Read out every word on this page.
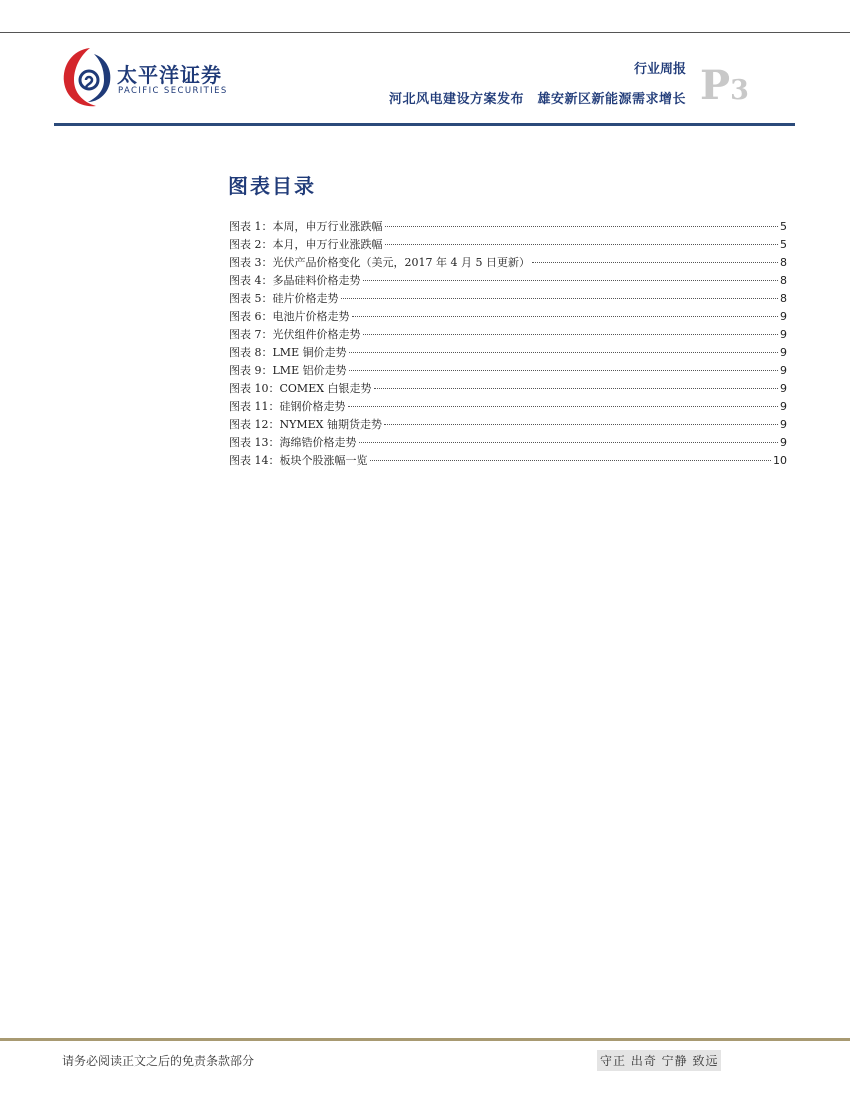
太平洋证券
PACIFIC SECURITIES
行业周报
河北风电建设方案发布　雄安新区新能源需求增长 P3
图表目录
图表 1：本周，申万行业涨跌幅	5
图表 2：本月，申万行业涨跌幅	5
图表 3：光伏产品价格变化（美元，2017 年 4 月 5 日更新）	8
图表 4：多晶硅料价格走势	8
图表 5：硅片价格走势	8
图表 6：电池片价格走势	9
图表 7：光伏组件价格走势	9
图表 8：LME 铜价走势	9
图表 9：LME 铝价走势	9
图表 10：COMEX 白银走势	9
图表 11：硅钢价格走势	9
图表 12：NYMEX 铀期货走势	9
图表 13：海绵锆价格走势	9
图表 14：板块个股涨幅一览	10
请务必阅读正文之后的免责条款部分	守正 出奇 宁静 致远
